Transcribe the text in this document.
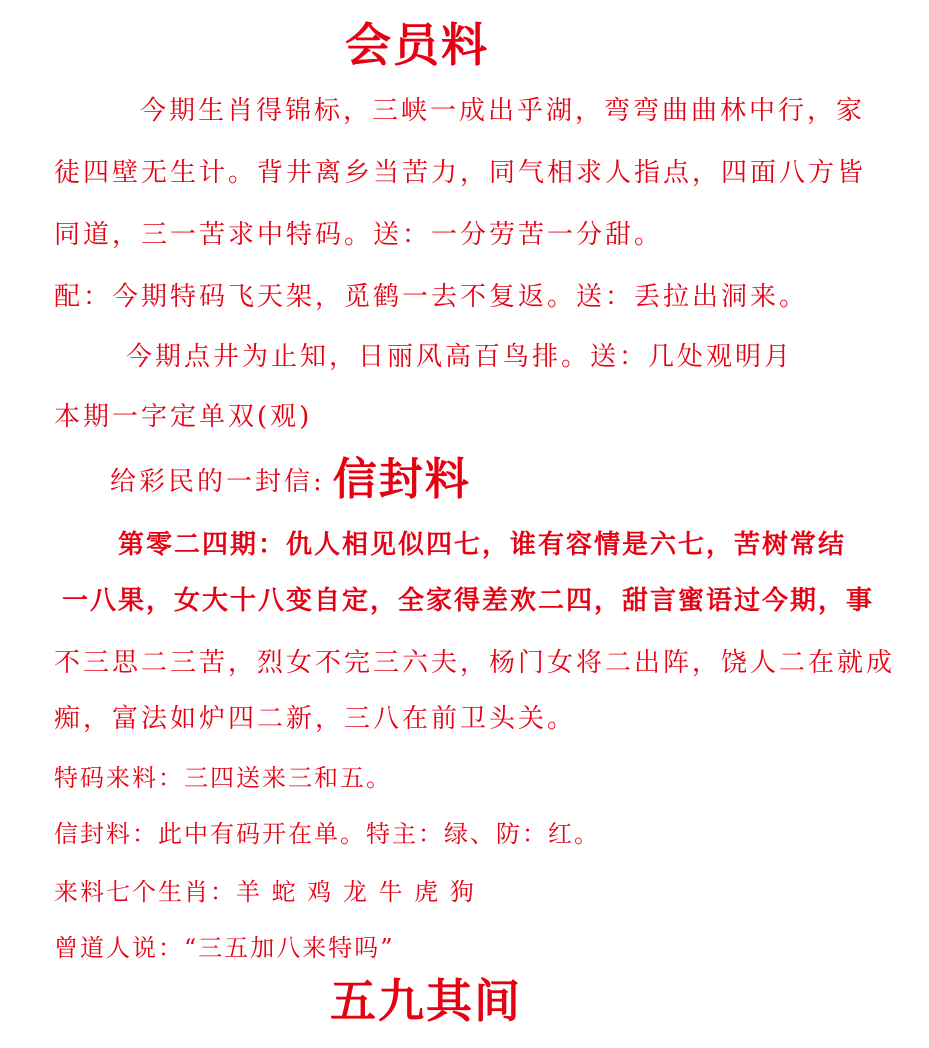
会员料
今期生肖得锦标，三峡一成出乎湖，弯弯曲曲林中行，家
徒四壁无生计。背井离乡当苦力，同气相求人指点，四面八方皆
同道，三一苦求中特码。送：一分劳苦一分甜。
配：今期特码飞天架，觅鹤一去不复返。送：丢拉出洞来。
今期点井为止知，日丽风高百鸟排。送：几处观明月
本期一字定单双(观)
给彩民的一封信: 信封料
第零二四期：仇人相见似四七，谁有容情是六七，苦树常结
一八果，女大十八变自定，全家得差欢二四，甜言蜜语过今期，事
不三思二三苦，烈女不完三六夫，杨门女将二出阵，饶人二在就成
痴，富法如炉四二新，三八在前卫头关。
特码来料：三四送来三和五。
信封料：此中有码开在单。特主：绿、防：红。
来料七个生肖：羊 蛇 鸡 龙 牛 虎 狗
曾道人说：“三五加八来特吗”
五九其间
